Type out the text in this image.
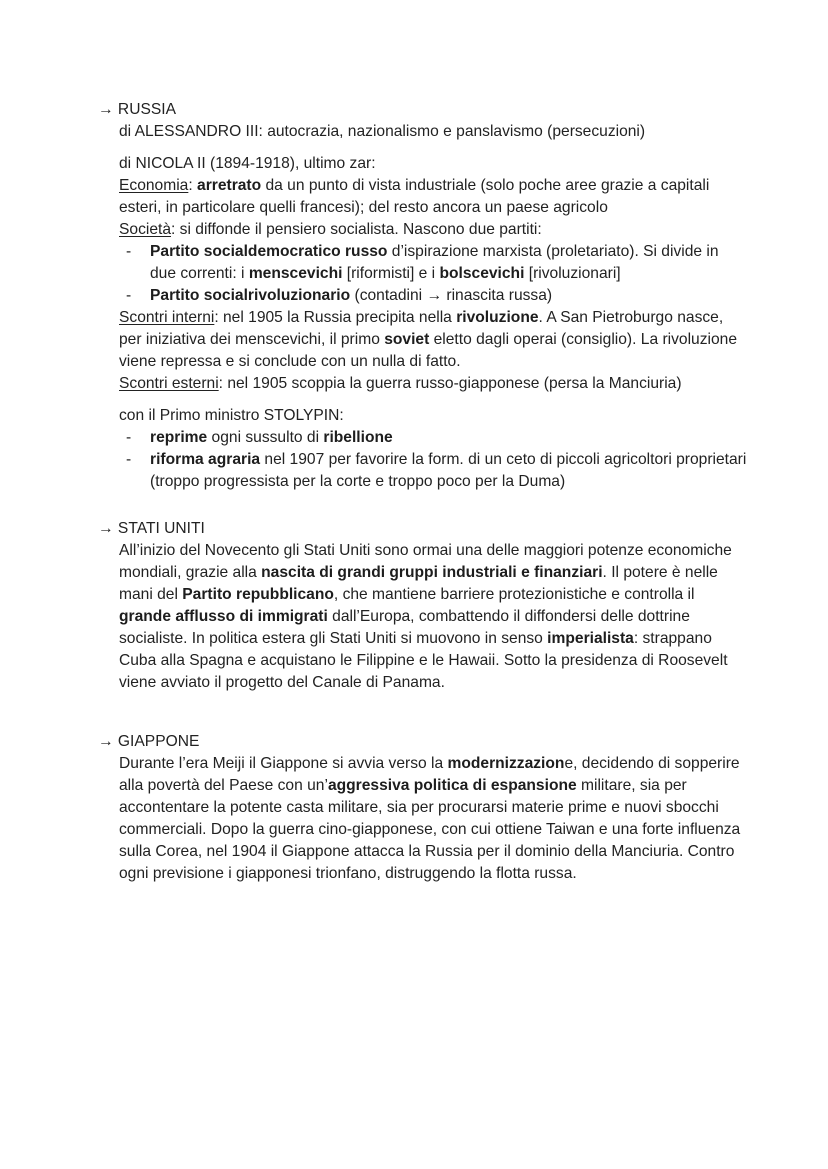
→ RUSSIA

di ALESSANDRO III: autocrazia, nazionalismo e panslavismo (persecuzioni)

di NICOLA II (1894-1918), ultimo zar:

Economia: arretrato da un punto di vista industriale (solo poche aree grazie a capitali esteri, in particolare quelli francesi); del resto ancora un paese agricolo

Società: si diffonde il pensiero socialista. Nascono due partiti:

- Partito socialdemocratico russo d’ispirazione marxista (proletariato). Si divide in due correnti: i menscevichi [riformisti] e i bolscevichi [rivoluzionari]
- Partito socialrivoluzionario (contadini → rinascita russa)

Scontri interni: nel 1905 la Russia precipita nella rivoluzione. A San Pietroburgo nasce, per iniziativa dei menscevichi, il primo soviet eletto dagli operai (consiglio). La rivoluzione viene repressa e si conclude con un nulla di fatto.

Scontri esterni: nel 1905 scoppia la guerra russo-giapponese (persa la Manciuria)

con il Primo ministro STOLYPIN:

- reprime ogni sussulto di ribellione
- riforma agraria nel 1907 per favorire la form. di un ceto di piccoli agricoltori proprietari (troppo progressista per la corte e troppo poco per la Duma)

→ STATI UNITI

All’inizio del Novecento gli Stati Uniti sono ormai una delle maggiori potenze economiche mondiali, grazie alla nascita di grandi gruppi industriali e finanziari. Il potere è nelle mani del Partito repubblicano, che mantiene barriere protezionistiche e controlla il grande afflusso di immigrati dall’Europa, combattendo il diffondersi delle dottrine socialiste. In politica estera gli Stati Uniti si muovono in senso imperialista: strappano Cuba alla Spagna e acquistano le Filippine e le Hawaii. Sotto la presidenza di Roosevelt viene avviato il progetto del Canale di Panama.

→ GIAPPONE

Durante l’era Meiji il Giappone si avvia verso la modernizzazione, decidendo di sopperire alla povertà del Paese con un’aggressiva politica di espansione militare, sia per accontentare la potente casta militare, sia per procurarsi materie prime e nuovi sbocchi commerciali. Dopo la guerra cino-giapponese, con cui ottiene Taiwan e una forte influenza sulla Corea, nel 1904 il Giappone attacca la Russia per il dominio della Manciuria. Contro ogni previsione i giapponesi trionfano, distruggendo la flotta russa.
